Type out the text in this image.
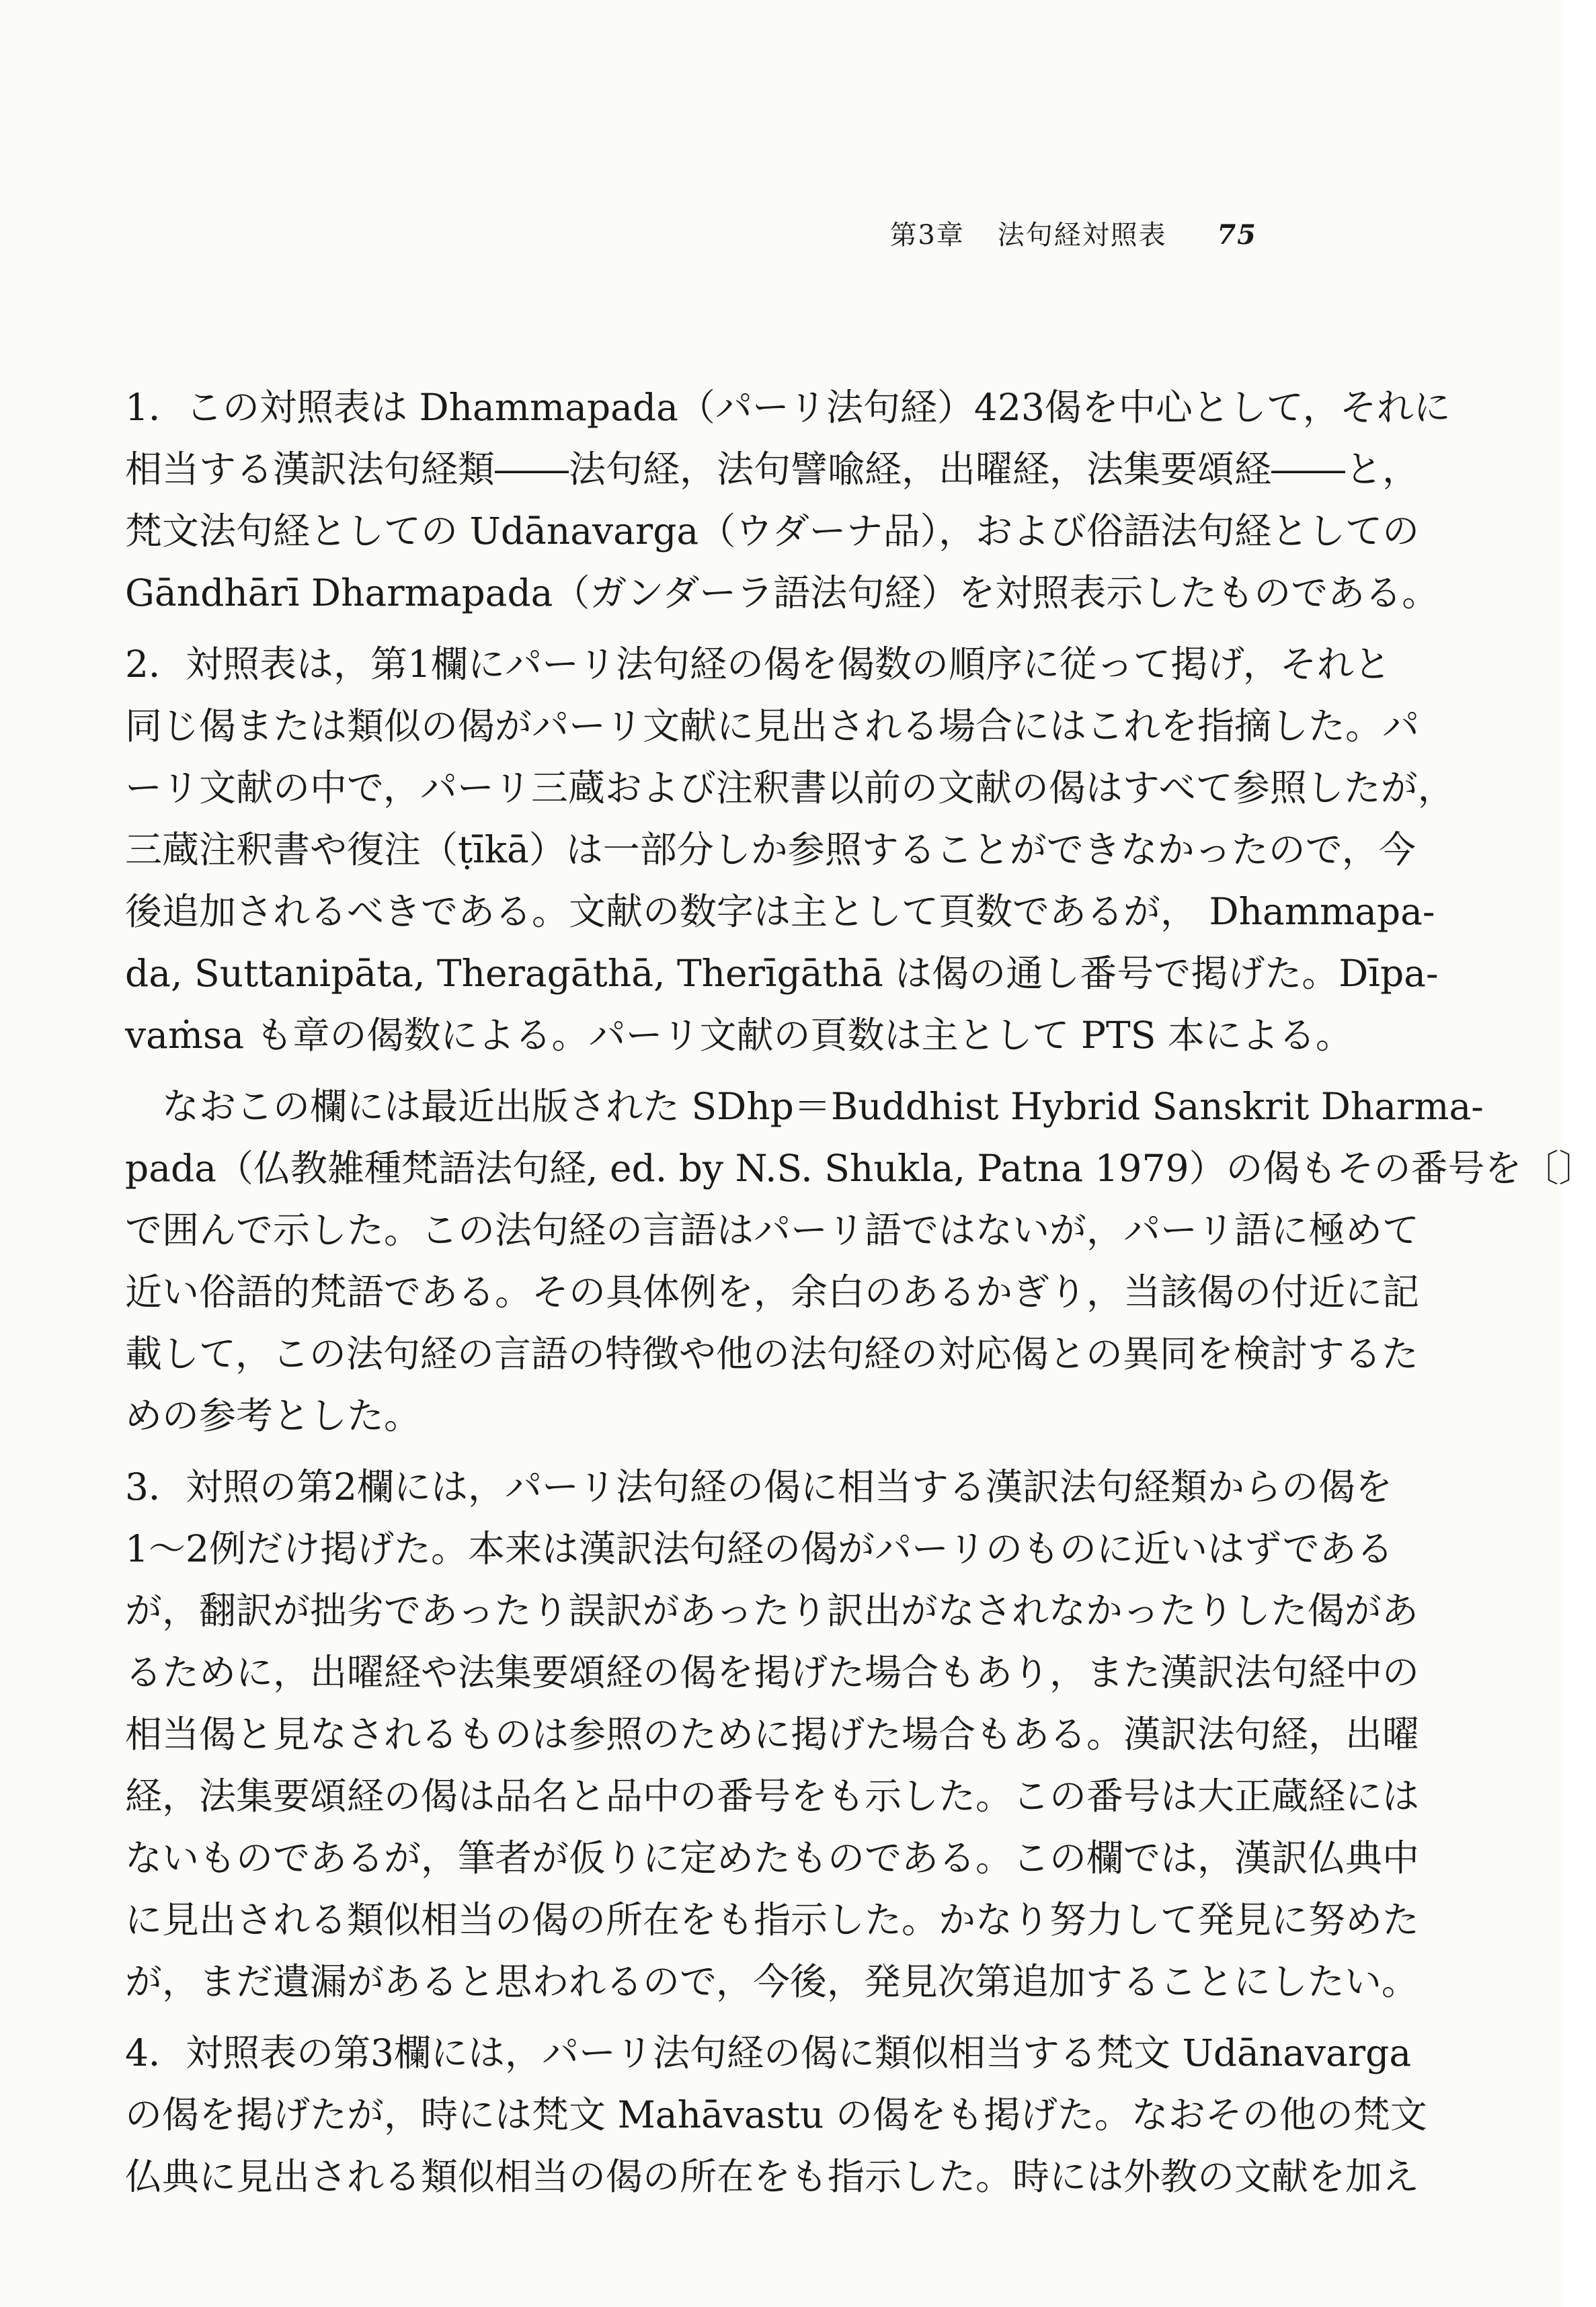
第3章 法句経対照表 75
1．この対照表は Dhammapada（パーリ法句経）423偈を中心として，それに
相当する漢訳法句経類――法句経，法句譬喩経，出曜経，法集要頌経――と，
梵文法句経としての Udānavarga（ウダーナ品），および俗語法句経としての
Gāndhārī Dharmapada（ガンダーラ語法句経）を対照表示したものである。
2．対照表は，第1欄にパーリ法句経の偈を偈数の順序に従って掲げ，それと
同じ偈または類似の偈がパーリ文献に見出される場合にはこれを指摘した。パ
ーリ文献の中で，パーリ三蔵および注釈書以前の文献の偈はすべて参照したが，
三蔵注釈書や復注（ṭīkā）は一部分しか参照することができなかったので，今
後追加されるべきである。文献の数字は主として頁数であるが， Dhammapa-
da, Suttanipāta, Theragāthā, Therīgāthā は偈の通し番号で掲げた。Dīpa-
vaṁsa も章の偈数による。パーリ文献の頁数は主として PTS 本による。
なおこの欄には最近出版された SDhp＝Buddhist Hybrid Sanskrit Dharma-
pada（仏教雑種梵語法句経, ed. by N.S. Shukla, Patna 1979）の偈もその番号を〔〕
で囲んで示した。この法句経の言語はパーリ語ではないが，パーリ語に極めて
近い俗語的梵語である。その具体例を，余白のあるかぎり，当該偈の付近に記
載して，この法句経の言語の特徴や他の法句経の対応偈との異同を検討するた
めの参考とした。
3．対照の第2欄には，パーリ法句経の偈に相当する漢訳法句経類からの偈を
1〜2例だけ掲げた。本来は漢訳法句経の偈がパーリのものに近いはずである
が，翻訳が拙劣であったり誤訳があったり訳出がなされなかったりした偈があ
るために，出曜経や法集要頌経の偈を掲げた場合もあり，また漢訳法句経中の
相当偈と見なされるものは参照のために掲げた場合もある。漢訳法句経，出曜
経，法集要頌経の偈は品名と品中の番号をも示した。この番号は大正蔵経には
ないものであるが，筆者が仮りに定めたものである。この欄では，漢訳仏典中
に見出される類似相当の偈の所在をも指示した。かなり努力して発見に努めた
が，まだ遺漏があると思われるので，今後，発見次第追加することにしたい。
4．対照表の第3欄には，パーリ法句経の偈に類似相当する梵文 Udānavarga
の偈を掲げたが，時には梵文 Mahāvastu の偈をも掲げた。なおその他の梵文
仏典に見出される類似相当の偈の所在をも指示した。時には外教の文献を加え
